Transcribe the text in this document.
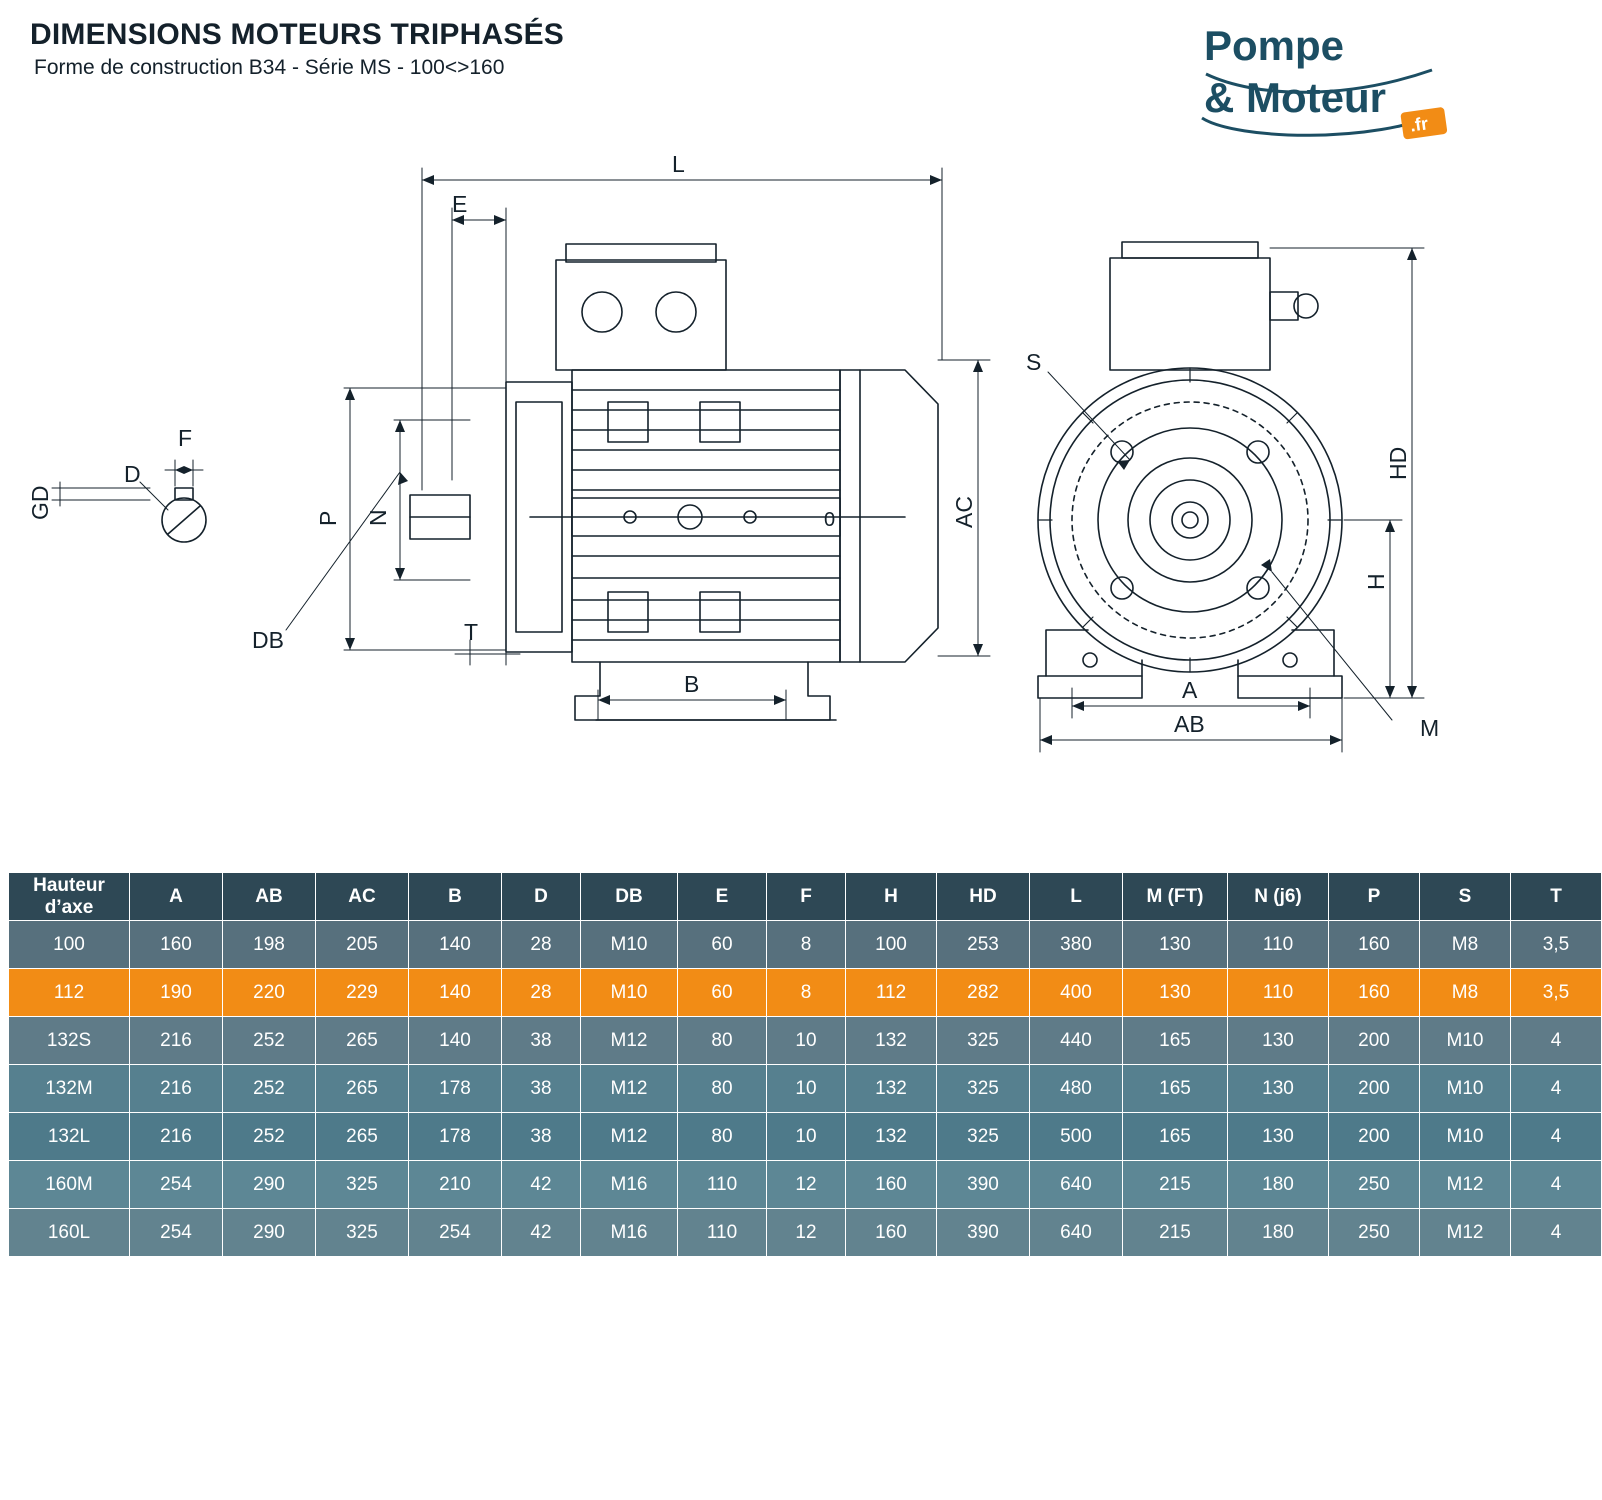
DIMENSIONS MOTEURS TRIPHASÉS
Forme de construction B34 - Série MS - 100<>160	Pompe
& Moteur
.fr
L
E
AC
P N
T
B
DB
D
F
GD
S
HD
H
A
AB	M
0
Hauteur
d’axe	A	AB	AC	B	D	DB	E	F	H	HD	L	M (FT)	N (j6)	P	S	T
100	160	198	205	140	28	M10	60	8	100	253	380	130	110	160	M8	3,5
112	190	220	229	140	28	M10	60	8	112	282	400	130	110	160	M8	3,5
132S	216	252	265	140	38	M12	80	10	132	325	440	165	130	200	M10	4
132M	216	252	265	178	38	M12	80	10	132	325	480	165	130	200	M10	4
132L	216	252	265	178	38	M12	80	10	132	325	500	165	130	200	M10	4
160M	254	290	325	210	42	M16	110	12	160	390	640	215	180	250	M12	4
160L	254	290	325	254	42	M16	110	12	160	390	640	215	180	250	M12	4
